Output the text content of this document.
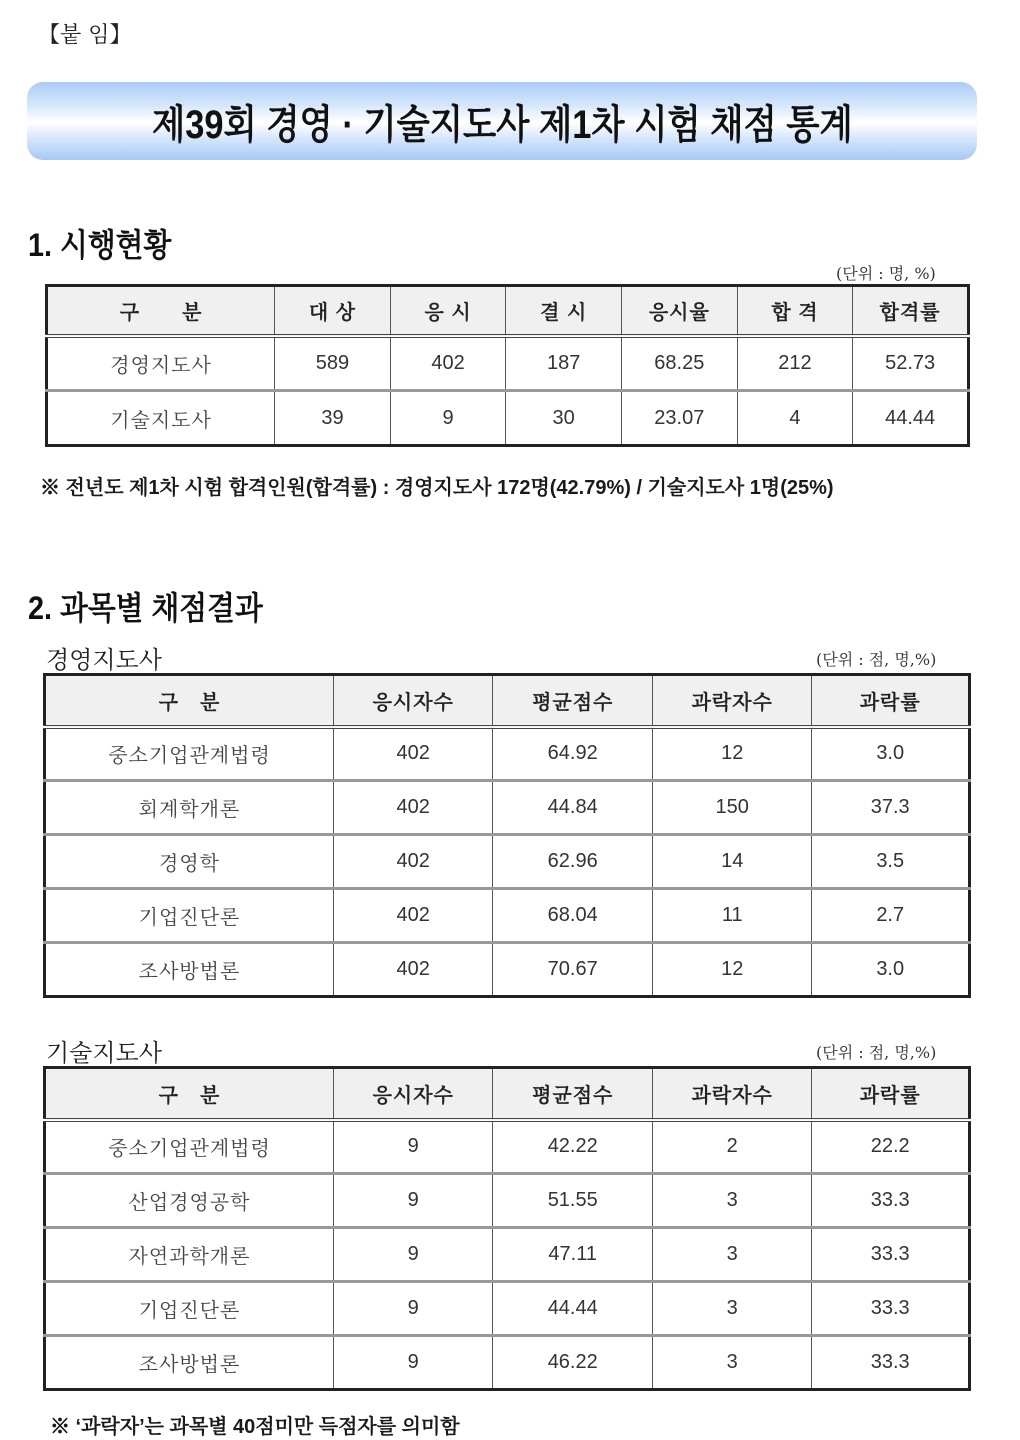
【붙 임】
제39회 경영 · 기술지도사 제1차 시험 채점 통계
1. 시행현황
(단위 : 명, %)
구　　분	대 상	응 시	결 시	응시율	합 격	합격률
경영지도사	589	402	187	68.25	212	52.73
기술지도사	39	9	30	23.07	4	44.44
※ 전년도 제1차 시험 합격인원(합격률) : 경영지도사 172명(42.79%) / 기술지도사 1명(25%)
2. 과목별 채점결과
경영지도사	(단위 : 점, 명,%)
구　분	응시자수	평균점수	과락자수	과락률
중소기업관계법령	402	64.92	12	3.0
회계학개론	402	44.84	150	37.3
경영학	402	62.96	14	3.5
기업진단론	402	68.04	11	2.7
조사방법론	402	70.67	12	3.0
기술지도사	(단위 : 점, 명,%)
구　분	응시자수	평균점수	과락자수	과락률
중소기업관계법령	9	42.22	2	22.2
산업경영공학	9	51.55	3	33.3
자연과학개론	9	47.11	3	33.3
기업진단론	9	44.44	3	33.3
조사방법론	9	46.22	3	33.3
※ ‘과락자’는 과목별 40점미만 득점자를 의미함
